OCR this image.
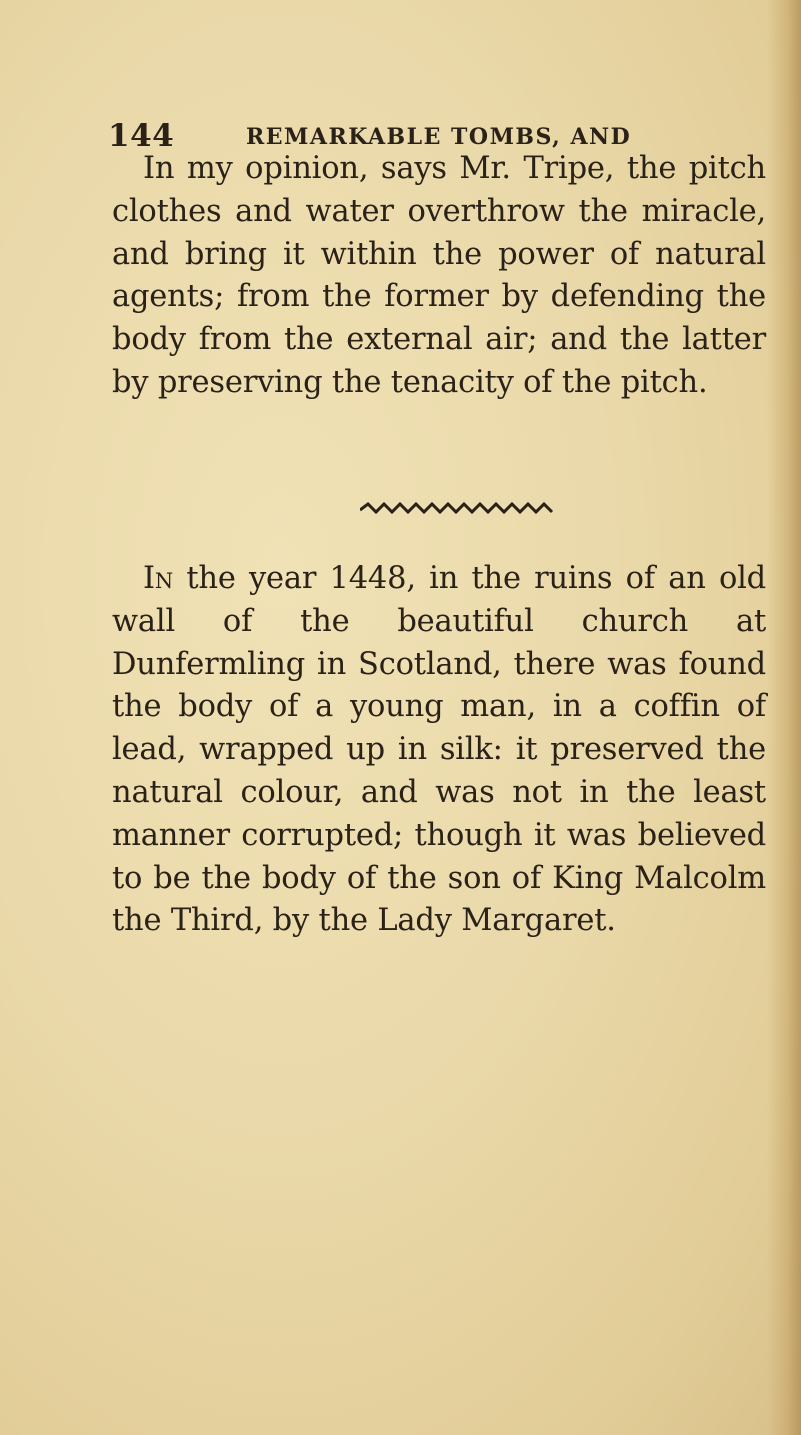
144	REMARKABLE TOMBS, AND

In my opinion, says Mr. Tripe, the pitch clothes and water overthrow the miracle, and bring it within the power of natural agents; from the former by defending the body from the external air; and the latter by preserving the tenacity of the pitch.

In the year 1448, in the ruins of an old wall of the beautiful church at Dunfermling in Scotland, there was found the body of a young man, in a coffin of lead, wrapped up in silk: it preserved the natural colour, and was not in the least manner corrupted; though it was believed to be the body of the son of King Malcolm the Third, by the Lady Margaret.
